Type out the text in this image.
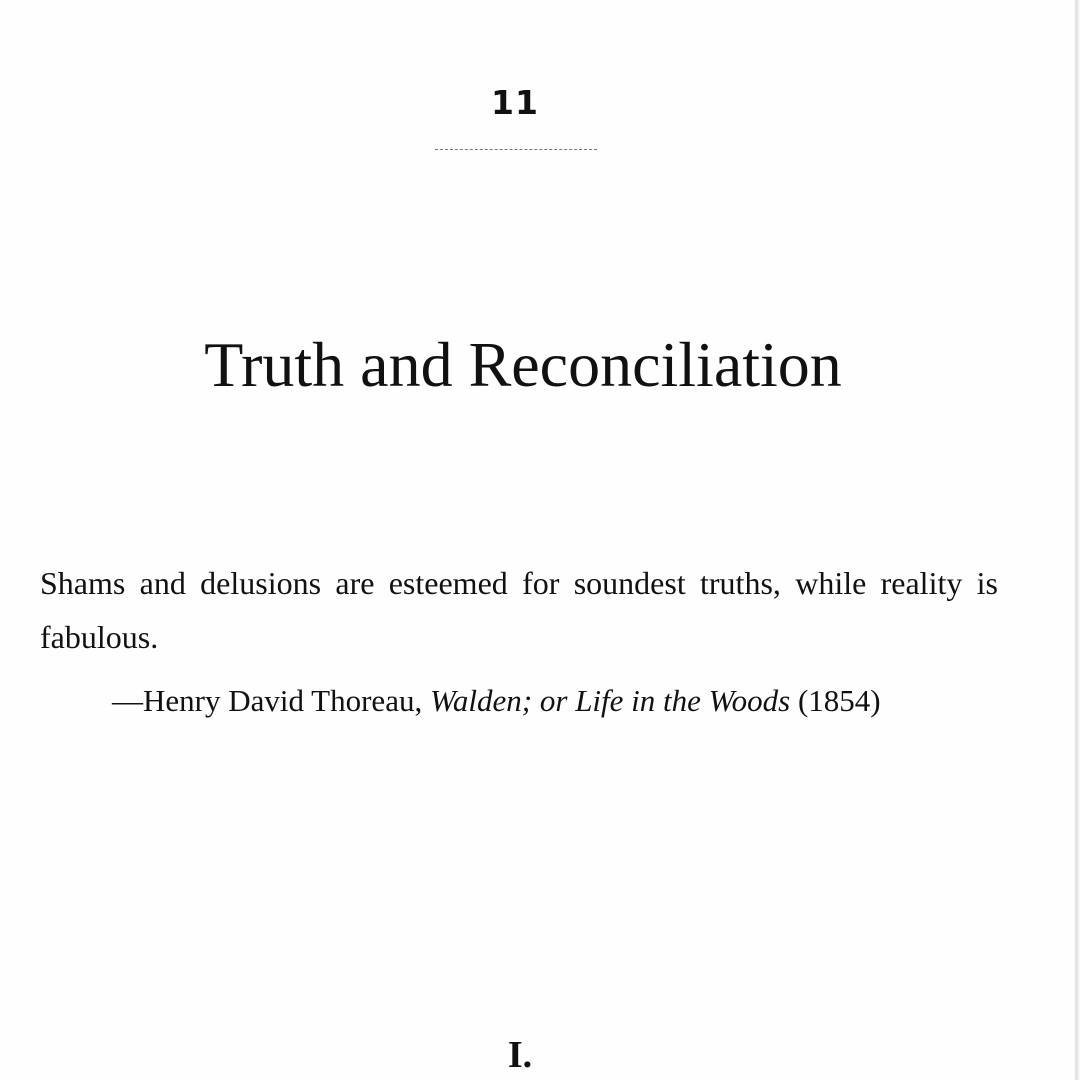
11
Truth and Reconciliation

Shams and delusions are esteemed for soundest truths, while reality is fabulous.

—Henry David Thoreau, Walden; or Life in the Woods (1854)
I.
